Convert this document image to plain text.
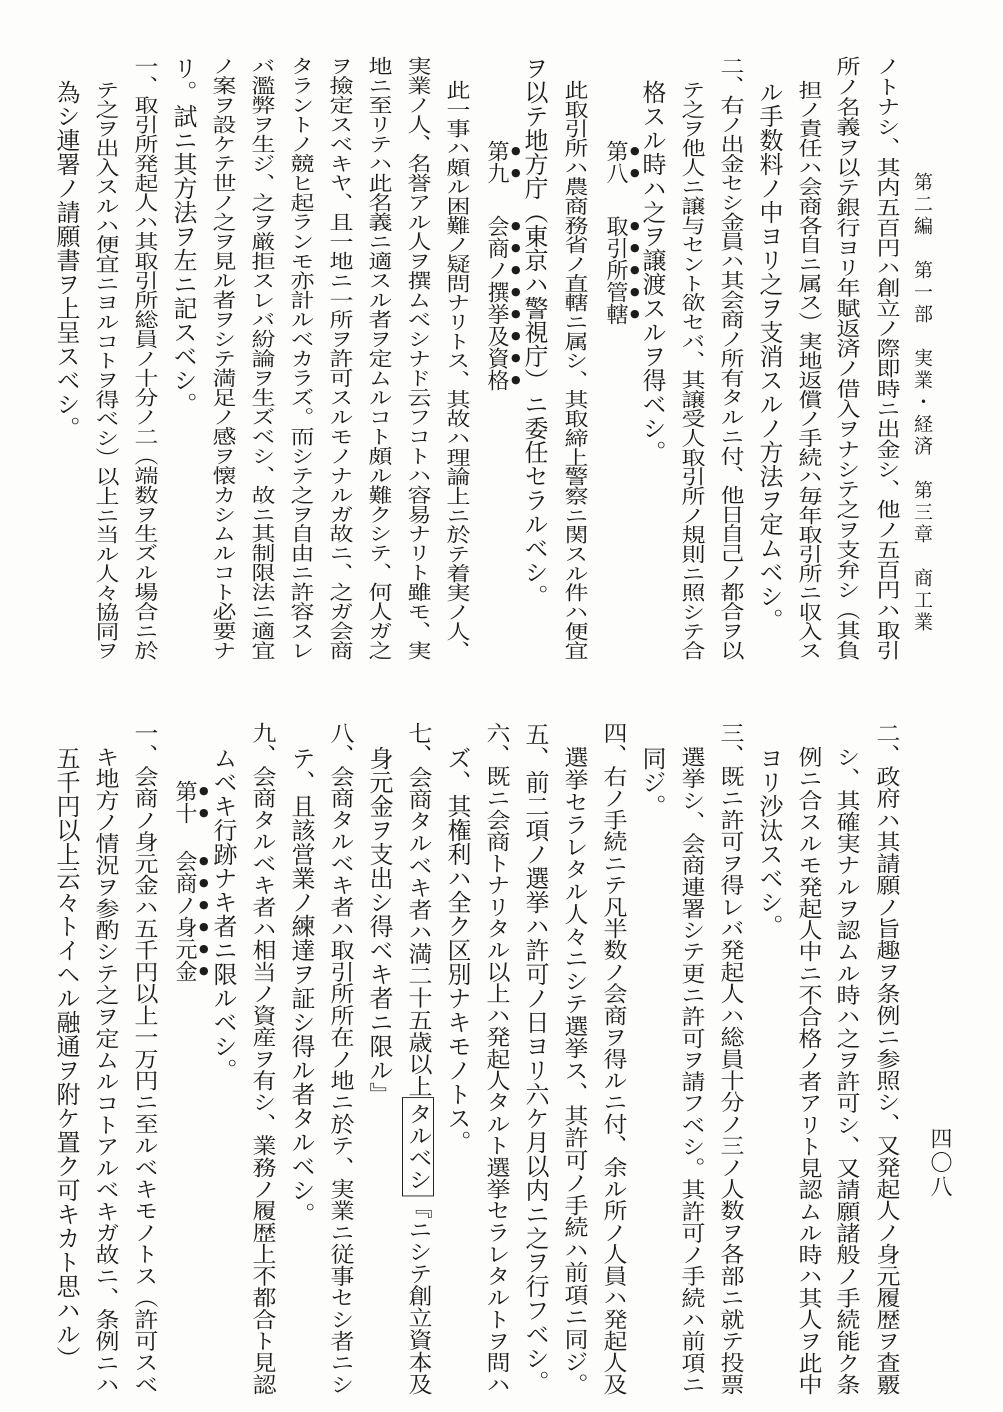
第二編　第一部　実業・経済　第三章　商工業
四〇八

ノトナシ、其内五百円ハ創立ノ際即時ニ出金シ、他ノ五百円ハ取引

所ノ名義ヲ以テ銀行ヨリ年賦返済ノ借入ヲナシテ之ヲ支弁シ（其負

担ノ責任ハ会商各自ニ属ス）実地返償ノ手続ハ毎年取引所ニ収入ス

ル手数料ノ中ヨリ之ヲ支消スルノ方法ヲ定ムベシ。

二、右ノ出金セシ金員ハ其会商ノ所有タルニ付、他日自己ノ都合ヲ以

テ之ヲ他人ニ譲与セント欲セバ、其譲受人取引所ノ規則ニ照シテ合

格スル時ハ之ヲ譲渡スルヲ得ベシ。

第八
取引所管轄

此取引所ハ農商務省ノ直轄ニ属シ、其取締上警察ニ関スル件ハ便宜

ヲ以テ地方庁（東京ハ警視庁）ニ委任セラルベシ。

第九
会商ノ撰挙及資格

此一事ハ頗ル困難ノ疑問ナリトス、其故ハ理論上ニ於テ着実ノ人、

実業ノ人、名誉アル人ヲ撰ムベシナド云フコトハ容易ナリト雖モ、実

地ニ至リテハ此名義ニ適スル者ヲ定ムルコト頗ル難クシテ、何人ガ之

ヲ撿定スベキヤ、且一地ニ一所ヲ許可スルモノナルガ故ニ、之ガ会商

タラントノ競ヒ起ランモ亦計ルベカラズ。而シテ之ヲ自由ニ許容スレ

バ濫弊ヲ生ジ、之ヲ厳拒スレバ紛論ヲ生ズベシ、故ニ其制限法ニ適宜

ノ案ヲ設ケテ世ノ之ヲ見ル者ヲシテ満足ノ感ヲ懐カシムルコト必要ナ

リ。試ニ其方法ヲ左ニ記スベシ。

一、取引所発起人ハ其取引所総員ノ十分ノ二（端数ヲ生ズル場合ニ於

テ之ヲ出入スルハ便宜ニヨルコトヲ得ベシ）以上ニ当ル人々協同ヲ

為シ連署ノ請願書ヲ上呈スベシ。

二、政府ハ其請願ノ旨趣ヲ条例ニ参照シ、又発起人ノ身元履歴ヲ査覈

シ、其確実ナルヲ認ムル時ハ之ヲ許可シ、又請願諸般ノ手続能ク条

例ニ合スルモ発起人中ニ不合格ノ者アリト見認ムル時ハ其人ヲ此中

ヨリ沙汰スベシ。

三、既ニ許可ヲ得レバ発起人ハ総員十分ノ三ノ人数ヲ各部ニ就テ投票

選挙シ、会商連署シテ更ニ許可ヲ請フベシ。其許可ノ手続ハ前項ニ

同ジ。

四、右ノ手続ニテ凡半数ノ会商ヲ得ルニ付、余ル所ノ人員ハ発起人及

選挙セラレタル人々ニシテ選挙ス、其許可ノ手続ハ前項ニ同ジ。

五、前二項ノ選挙ハ許可ノ日ヨリ六ケ月以内ニ之ヲ行フベシ。

六、既ニ会商トナリタル以上ハ発起人タルト選挙セラレタルトヲ問ハ

ズ、其権利ハ全ク区別ナキモノトス。

七、会商タルベキ者ハ満二十五歳以上タルベシ『ニシテ創立資本及

身元金ヲ支出シ得ベキ者ニ限ル』

八、会商タルベキ者ハ取引所所在ノ地ニ於テ、実業ニ従事セシ者ニシ

テ、且該営業ノ練達ヲ証シ得ル者タルベシ。

九、会商タルベキ者ハ相当ノ資産ヲ有シ、業務ノ履歴上不都合ト見認

ムベキ行跡ナキ者ニ限ルベシ。

第十
会商ノ身元金

一、会商ノ身元金ハ五千円以上一万円ニ至ルベキモノトス（許可スベ

キ地方ノ情況ヲ参酌シテ之ヲ定ムルコトアルベキガ故ニ、条例ニハ

五千円以上云々トイヘル融通ヲ附ケ置ク可キカト思ハル）
